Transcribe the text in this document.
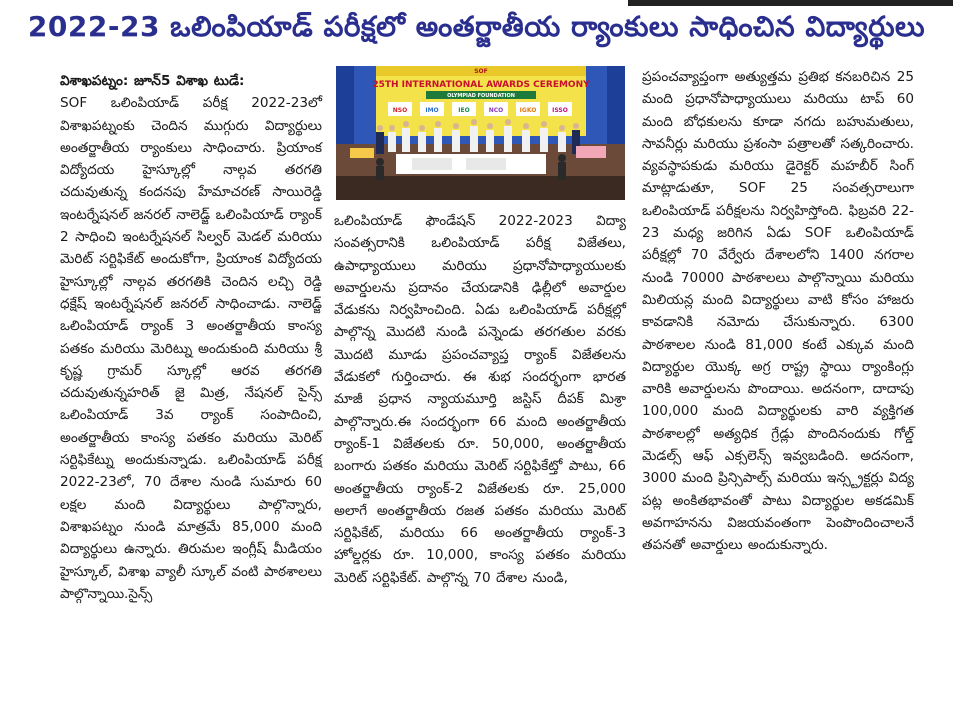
2022-23 ఒలింపియాడ్ పరీక్షలో అంతర్జాతీయ ర్యాంకులు సాధించిన విద్యార్థులు

విశాఖపట్నం: జూన్5 విశాఖ టుడే:

SOF ఒలింపియాడ్ పరీక్ష 2022-23లో విశాఖపట్నంకు చెందిన ముగ్గురు విద్యార్థులు అంతర్జాతీయ ర్యాంకులు సాధించారు. ప్రియాంక విద్యోదయ హైస్కూల్లో నాల్గవ తరగతి చదువుతున్న కందనపు హేమాచరణ్ సాయిరెడ్డి ఇంటర్నేషనల్ జనరల్ నాలెడ్జ్ ఒలింపియాడ్ ర్యాంక్ 2 సాధించి ఇంటర్నేషనల్ సిల్వర్ మెడల్ మరియు మెరిట్ సర్టిఫికేట్ అందుకోగా, ప్రియాంక విద్యోదయ హైస్కూల్లో నాల్గవ తరగతికి చెందిన లచ్చి రెడ్డి ధక్షేష్ ఇంటర్నేషనల్ జనరల్ సాధించాడు. నాలెడ్జ్ ఒలింపియాడ్ ర్యాంక్ 3 అంతర్జాతీయ కాంస్య పతకం మరియు మెరిట్ను అందుకుంది మరియు శ్రీ కృష్ణ గ్రామర్ స్కూల్లో ఆరవ తరగతి చదువుతున్నహరిత్ జై మిత్ర, నేషనల్ సైన్స్ ఒలింపియాడ్ 3వ ర్యాంక్ సంపాదించి, అంతర్జాతీయ కాంస్య పతకం మరియు మెరిట్ సర్టిఫికేట్ను అందుకున్నాడు. ఒలింపియాడ్ పరీక్ష 2022-23లో, 70 దేశాల నుండి సుమారు 60 లక్షల మంది విద్యార్థులు పాల్గొన్నారు, విశాఖపట్నం నుండి మాత్రమే 85,000 మంది విద్యార్థులు ఉన్నారు. తిరుమల ఇంగ్లీష్ మీడియం హైస్కూల్, విశాఖ వ్యాలీ స్కూల్ వంటి పాఠశాలలు పాల్గొన్నాయి.సైన్స్

SOF
25TH INTERNATIONAL AWARDS CEREMONY
OLYMPIAD FOUNDATION
NSO	IMO	IEO	NCO	IGKO	ISSO

ఒలింపియాడ్ ఫౌండేషన్ 2022-2023 విద్యా సంవత్సరానికి ఒలింపియాడ్ పరీక్ష విజేతలు, ఉపాధ్యాయులు మరియు ప్రధానోపాధ్యాయులకు అవార్డులను ప్రదానం చేయడానికి ఢిల్లీలో అవార్డుల వేడుకను నిర్వహించింది. ఏడు ఒలింపియాడ్ పరీక్షల్లో పాల్గొన్న మొదటి నుండి పన్నెండు తరగతుల వరకు మొదటి మూడు ప్రపంచవ్యాప్త ర్యాంక్ విజేతలను వేడుకలో గుర్తించారు. ఈ శుభ సందర్భంగా భారత మాజీ ప్రధాన న్యాయమూర్తి జస్టిస్ దీపక్ మిశ్రా పాల్గొన్నారు.ఈ సందర్భంగా 66 మంది అంతర్జాతీయ ర్యాంక్-1 విజేతలకు రూ. 50,000, అంతర్జాతీయ బంగారు పతకం మరియు మెరిట్ సర్టిఫికేట్తో పాటు, 66 అంతర్జాతీయ ర్యాంక్-2 విజేతలకు రూ. 25,000 అలాగే అంతర్జాతీయ రజత పతకం మరియు మెరిట్ సర్టిఫికేట్, మరియు 66 అంతర్జాతీయ ర్యాంక్-3 హోల్డర్లకు రూ. 10,000, కాంస్య పతకం మరియు మెరిట్ సర్టిఫికేట్. పాల్గొన్న 70 దేశాల నుండి,

ప్రపంచవ్యాప్తంగా అత్యుత్తమ ప్రతిభ కనబరిచిన 25 మంది ప్రధానోపాధ్యాయులు మరియు టాప్ 60 మంది బోధకులను కూడా నగదు బహుమతులు, సావనీర్లు మరియు ప్రశంసా పత్రాలతో సత్కరించారు. వ్యవస్థాపకుడు మరియు డైరెక్టర్ మహబీర్ సింగ్ మాట్లాడుతూ, SOF 25 సంవత్సరాలుగా ఒలింపియాడ్ పరీక్షలను నిర్వహిస్తోంది. ఫిబ్రవరి 22-23 మధ్య జరిగిన ఏడు SOF ఒలింపియాడ్ పరీక్షల్లో 70 వేర్వేరు దేశాలలోని 1400 నగరాల నుండి 70000 పాఠశాలలు పాల్గొన్నాయి మరియు మిలియన్ల మంది విద్యార్థులు వాటి కోసం హాజరు కావడానికి నమోదు చేసుకున్నారు. 6300 పాఠశాలల నుండి 81,000 కంటే ఎక్కువ మంది విద్యార్థుల యొక్క అగ్ర రాష్ట్ర స్థాయి ర్యాంకింగ్లు వారికి అవార్డులను పొందాయి. అదనంగా, దాదాపు 100,000 మంది విద్యార్థులకు వారి వ్యక్తిగత పాఠశాలల్లో అత్యధిక గ్రేడ్లు పొందినందుకు గోల్డ్ మెడల్స్ ఆఫ్ ఎక్సలెన్స్ ఇవ్వబడింది. అదనంగా, 3000 మంది ప్రిన్సిపాల్స్ మరియు ఇన్స్ట్రక్టర్లు విద్య పట్ల అంకితభావంతో పాటు విద్యార్థుల అకడమిక్ అవగాహనను విజయవంతంగా పెంపొందించాలనే తపనతో అవార్డులు అందుకున్నారు.
